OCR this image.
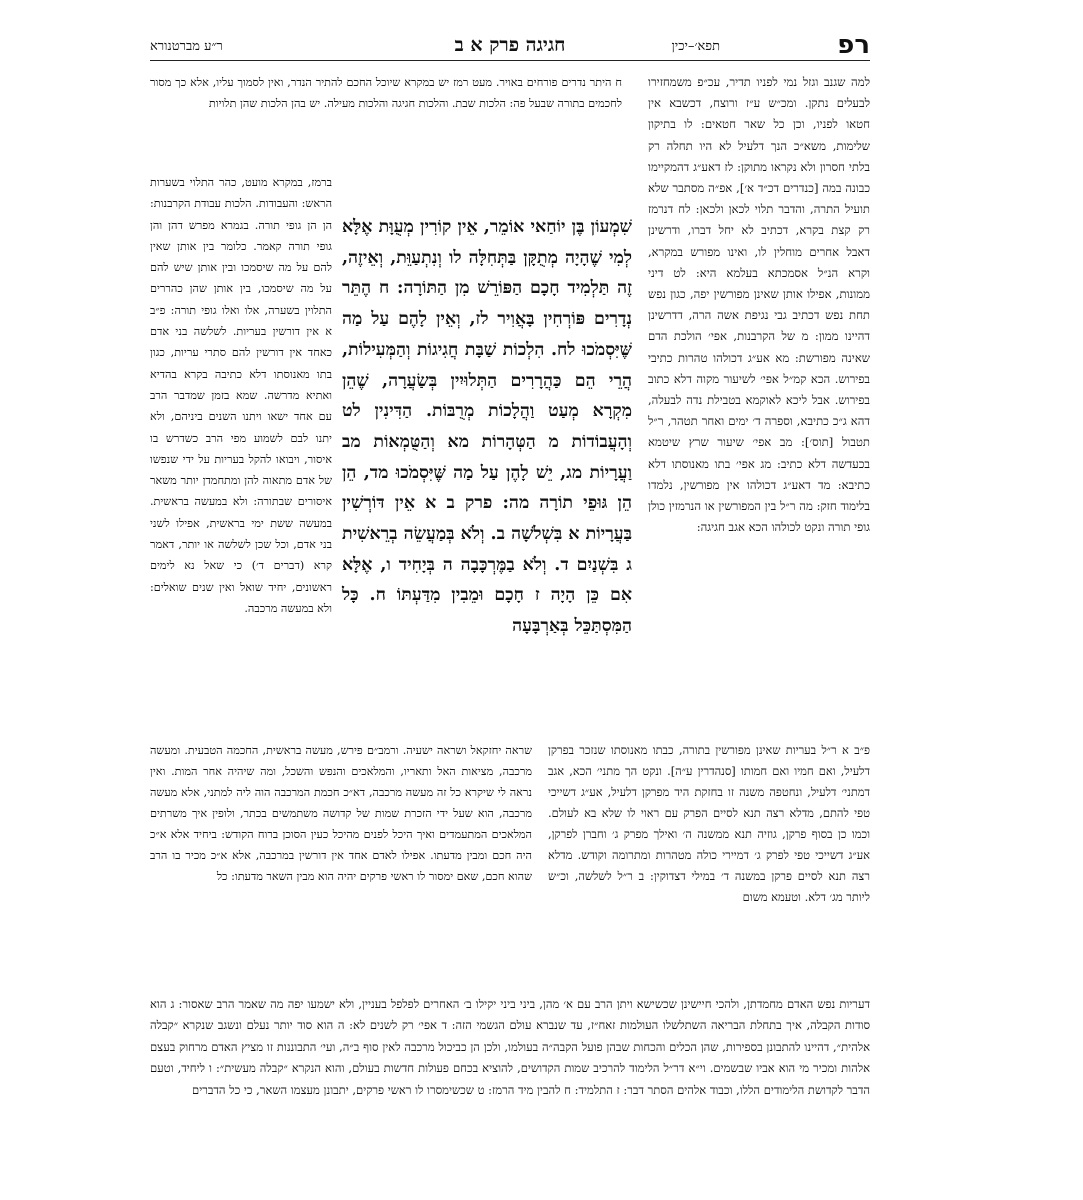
רפ
תפא׳–יכין
חגיגה פרק א ב
ר״ע מברטנורא

למה שגנב וגזל נמי לפניו תדיר, עכ״פ משמחזירו לבעלים נתקן. ומכ״ש ע״ז ורוצח, דכשבא אין חטאו לפניו, וכן כל שאר חטאים: לו בתיקון שלימות, משא״כ הנך דלעיל לא היו תחלה רק בלתי חסרון ולא נקראו מתוקן: לז דאע״ג דהמקיימו כבונה במה [כנדרים דכ״ד א׳], אפ״ה מסתבר שלא תועיל התרה, והדבר תלוי לכאן ולכאן: לח דנרמז רק קצת בקרא, דכתיב לא יחל דברו, ודרשינן דאבל אחרים מוחלין לו, ואינו מפורש במקרא, וקרא הנ״ל אסמכתא בעלמא היא: לט דיני ממונות, אפילו אותן שאינן מפורשין יפה, כגון נפש תחת נפש דכתיב גבי נגיפת אשה הרה, דדרשינן דהיינו ממון: מ של הקרבנות, אפי׳ הולכת הדם שאינה מפורשת: מא אע״ג דכולהו טהרות כתיבי בפירוש. הכא קמ״ל אפי׳ לשיעור מקוה דלא כתוב בפירוש. אבל ליכא לאוקמא בטבילת נדה לבעלה, דהא ג״כ כתיבא, וספרה ד׳ ימים ואחר תטהר, ר״ל תטבול [תוס׳]: מב אפי׳ שיעור שרץ שיטמא בכעדשה דלא כתיב: מג אפי׳ בתו מאנוסתו דלא כתיבא: מד דאע״ג דכולהו אין מפורשין, נלמדו בלימוד חזק: מה ר״ל בין המפורשין או הנרמזין כולן גופי תורה ונקט לכולהו הכא אגב חגיגה:

ח היתר נדרים פורחים באויר. מעט רמז יש במקרא שיוכל החכם להתיר הנדר, ואין לסמוך עליו, אלא כך מסור לחכמים בתורה שבעל פה: הלכות שבת. והלכות חגיגה והלכות מעילה. יש בהן הלכות שהן תלויות

ברמז, במקרא מועט, כהר התלוי בשערות הראש: והעבודות. הלכות עבודת הקרבנות: הן הן גופי תורה. בגמרא מפרש דהן והן גופי תורה קאמר. כלומר בין אותן שאין להם על מה שיסמכו ובין אותן שיש להם על מה שיסמכו, בין אותן שהן כהררים התלוין בשערה, אלו ואלו גופי תורה: פ״ב א אין דורשין בעריות. לשלשה בני אדם כאחד אין דורשין להם סתרי עריות, כגון בתו מאנוסתו דלא כתיבה בקרא בהדיא ואתיא מדרשה. שמא בזמן שמדבר הרב עם אחד ישאו ויתנו השנים ביניהם, ולא יתנו לבם לשמוע מפי הרב כשדרש בו איסור, ויבואו להקל בעריות על ידי שנפשו של אדם מתאוה להן ומתחמדן יותר משאר איסורים שבתורה: ולא במעשה בראשית. במעשה ששת ימי בראשית, אפילו לשני בני אדם, וכל שכן לשלשה או יותר, דאמר קרא (דברים ד׳) כי שאל נא לימים ראשונים, יחיד שואל ואין שנים שואלים: ולא במעשה מרכבה.

שִׁמְעוֹן בֶּן יוֹחַאי אוֹמֵר, אֵין קוֹרִין מְעֻוָּת אֶלָּא לְמִי שֶׁהָיָה מְתֻקָּן בַּתְּחִלָּה לו וְנִתְעַוֵּת, וְאֵיזֶה, זֶה תַּלְמִיד חָכָם הַפּוֹרֵשׁ מִן הַתּוֹרָה: ח הֶתֵּר נְדָרִים פּוֹרְחִין בָּאֲוִיר לז, וְאֵין לָהֶם עַל מַה שֶּׁיִּסְמֹכוּ לח. הִלְכוֹת שַׁבָּת חֲגִיגוֹת וְהַמְּעִילוֹת, הֲרֵי הֵם כַּהֲרָרִים הַתְּלוּיִין בְּשַׂעֲרָה, שֶׁהֵן מִקְרָא מְעַט וַהֲלָכוֹת מְרֻבּוֹת. הַדִּינִין לט וְהָעֲבוֹדוֹת מ הַטְּהָרוֹת מא וְהַטֻּמְאוֹת מב וַעֲרָיוֹת מג, יֵשׁ לָהֶן עַל מַה שֶּׁיִּסְמֹכוּ מד, הֵן הֵן גּוּפֵי תוֹרָה מה: פרק ב א אֵין דּוֹרְשִׁין בַּעֲרָיוֹת א בִּשְׁלֹשָׁה ב. וְלֹא בְּמַעֲשֵׂה בְרֵאשִׁית ג בִּשְׁנַיִם ד. וְלֹא בַמֶּרְכָּבָה ה בְּיָחִיד ו, אֶלָּא אִם כֵּן הָיָה ז חָכָם וּמֵבִין מִדַּעְתּוֹ ח. כָּל הַמִּסְתַּכֵּל בְּאַרְבָּעָה

פ״ב א ר״ל בעריות שאינן מפורשין בתורה, כבתו מאנוסתו שנזכר בפרקן דלעיל, ואם חמיו ואם חמותו [סנהדרין ע״ה]. ונקט הך מתני׳ הכא, אגב דמתני׳ דלעיל, ונחטפה משנה זו בחזקת היד מפרקן דלעיל, אע״ג דשייכי טפי להתם, מדלא רצה תנא לסיים הפרק עם ראוי לו שלא בא לעולם. וכמו כן בסוף פרקן, גוזיה תנא ממשנה ה׳ ואילך מפרק ג׳ וחברן לפרקן, אע״ג דשייכי טפי לפרק ג׳ דמיירי כולה מטהרות ומתרומה וקודש. מדלא רצה תנא לסיים פרקן במשנה ד׳ במילי דצדוקין: ב ר״ל לשלשה, וכ״ש ליותר מג׳ דלא. וטעמא משום

שראה יחזקאל ושראה ישעיה. ורמב״ם פירש, מעשה בראשית, החכמה הטבעית. ומעשה מרכבה, מציאות האל ותאריו, והמלאכים והנפש והשכל, ומה שיהיה אחר המות. ואין נראה לי שיקרא כל זה מעשה מרכבה, דא״כ חכמת המרכבה הוה ליה למתני, אלא מעשה מרכבה, הוא שעל ידי הזכרת שמות של קדושה משתמשים בכתר, ולופין איך משרתים המלאכים המתעמדים ואיך היכל לפנים מהיכל כעין הסוכן ברוח הקודש: ביחיד אלא א״כ היה חכם ומבין מדעתו. אפילו לאדם אחד אין דורשין במרכבה, אלא א״כ מכיר בו הרב שהוא חכם, שאם ימסור לו ראשי פרקים יהיה הוא מבין השאר מדעתו: כל

דעריות נפש האדם מחמדתן, ולהכי חיישינן שכשישא ויתן הרב עם א׳ מהן, ביני ביני יקילו ב׳ האחרים לפלפל בעניין, ולא ישמעו יפה מה שאמר הרב שאסור: ג הוא סודות הקבלה, איך בתחלת הבריאה השתלשלו העולמות זאח״ז, עד שנברא עולם הגשמי הזה: ד אפי׳ רק לשנים לא: ה הוא סוד יותר נעלם ונשגב שנקרא ״קבלה אלהית״, דהיינו להתבונן בספירות, שהן הכלים והכחות שבהן פועל הקבה״ה בעולמו, ולכן הן כביכול מרכבה לאין סוף ב״ה, ועי׳ התבוננות זו מציץ האדם מרחוק בעצם אלהות ומכיר מי הוא אביו שבשמים. וי״א דר״ל הלימוד להרכיב שמות הקדושים, להוציא בכחם פעולות חדשות בעולם, והוא הנקרא ״קבלה מעשית״: ו ליחיד, וטעם הדבר לקדושת הלימודים הללו, וכבוד אלהים הסתר דבר: ז התלמיד: ח להבין מיד הרמז: ט שכשימסרו לו ראשי פרקים, יתבונן מעצמו השאר, כי כל הדברים
